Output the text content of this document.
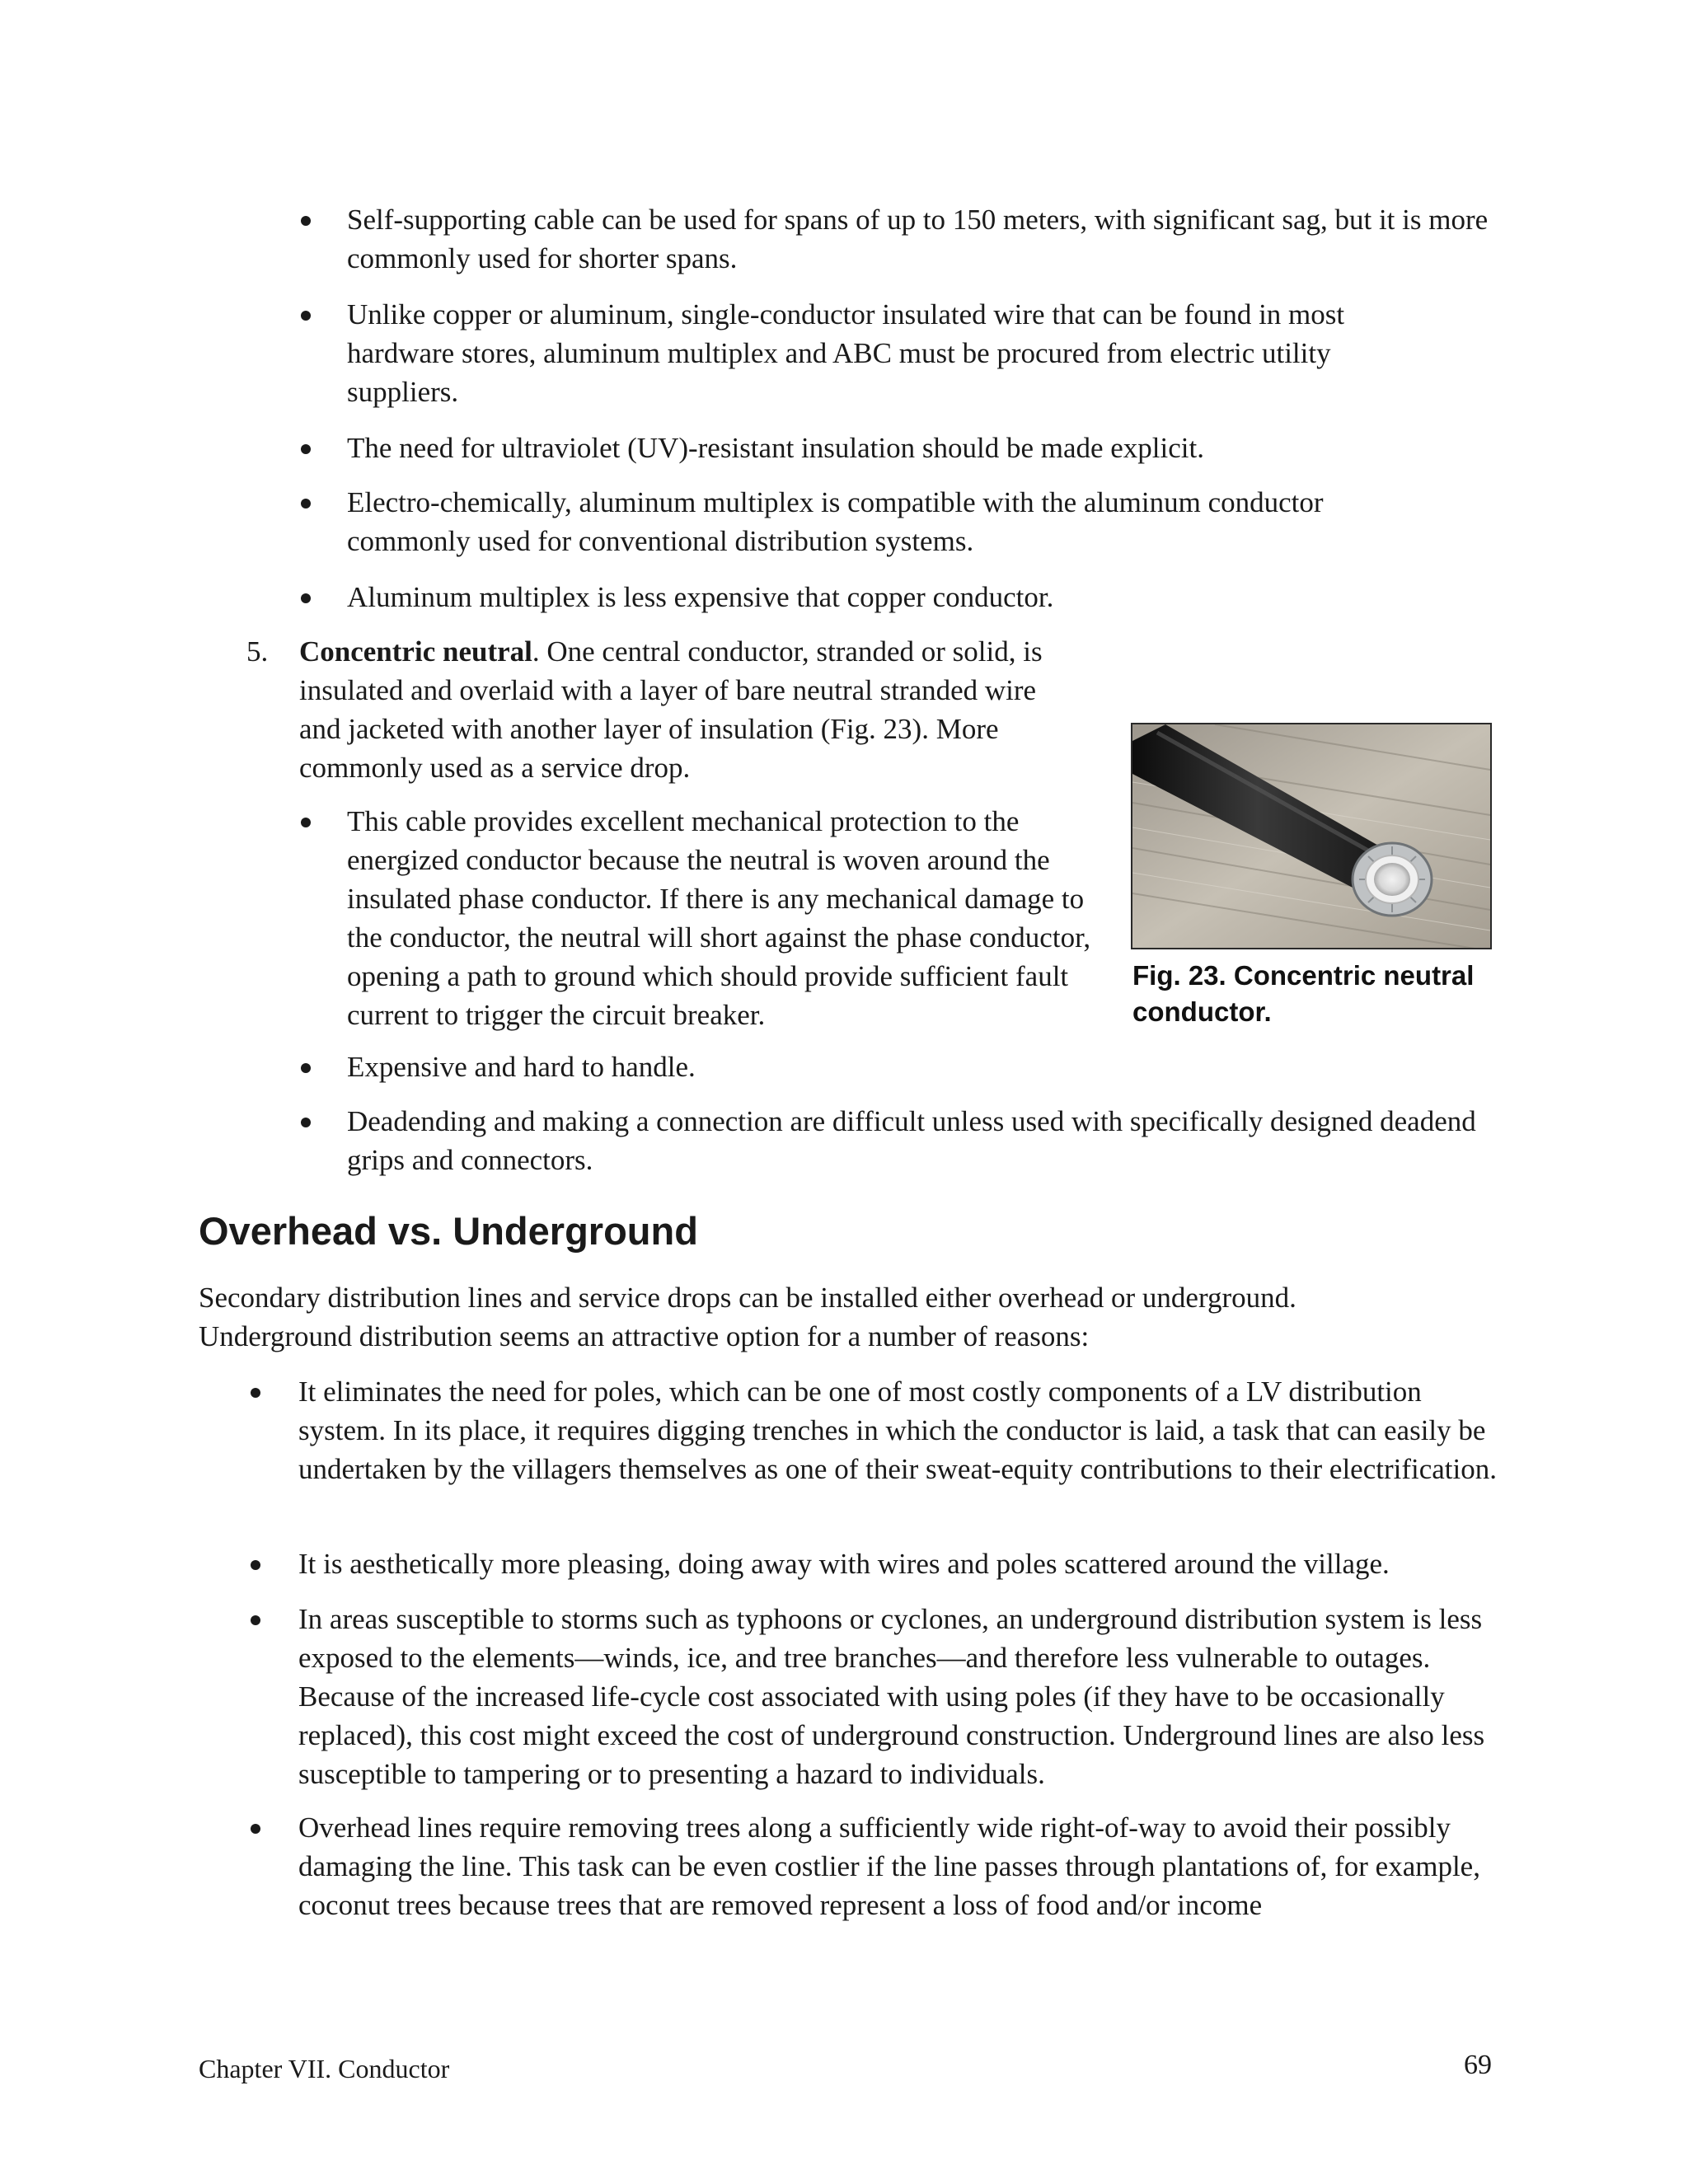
Self-supporting cable can be used for spans of up to 150 meters, with significant sag, but it is more commonly used for shorter spans.

Unlike copper or aluminum, single-conductor insulated wire that can be found in most hardware stores, aluminum multiplex and ABC must be procured from electric utility suppliers.

The need for ultraviolet (UV)-resistant insulation should be made explicit.

Electro-chemically, aluminum multiplex is compatible with the aluminum conductor commonly used for conventional distribution systems.

Aluminum multiplex is less expensive that copper conductor.

5. Concentric neutral. One central conductor, stranded or solid, is insulated and overlaid with a layer of bare neutral stranded wire and jacketed with another layer of insulation (Fig. 23). More commonly used as a service drop.

This cable provides excellent mechanical protection to the energized conductor because the neutral is woven around the insulated phase conductor. If there is any mechanical damage to the conductor, the neutral will short against the phase conductor, opening a path to ground which should provide sufficient fault current to trigger the circuit breaker.

Expensive and hard to handle.

Deadending and making a connection are difficult unless used with specifically designed deadend grips and connectors.

Fig. 23. Concentric neutral conductor.

Overhead vs. Underground

Secondary distribution lines and service drops can be installed either overhead or underground. Underground distribution seems an attractive option for a number of reasons:

It eliminates the need for poles, which can be one of most costly components of a LV distribution system. In its place, it requires digging trenches in which the conductor is laid, a task that can easily be undertaken by the villagers themselves as one of their sweat-equity contributions to their electrification.

It is aesthetically more pleasing, doing away with wires and poles scattered around the village.

In areas susceptible to storms such as typhoons or cyclones, an underground distribution system is less exposed to the elements—winds, ice, and tree branches—and therefore less vulnerable to outages. Because of the increased life-cycle cost associated with using poles (if they have to be occasionally replaced), this cost might exceed the cost of underground construction. Underground lines are also less susceptible to tampering or to presenting a hazard to individuals.

Overhead lines require removing trees along a sufficiently wide right-of-way to avoid their possibly damaging the line. This task can be even costlier if the line passes through plantations of, for example, coconut trees because trees that are removed represent a loss of food and/or income

Chapter VII. Conductor	69
